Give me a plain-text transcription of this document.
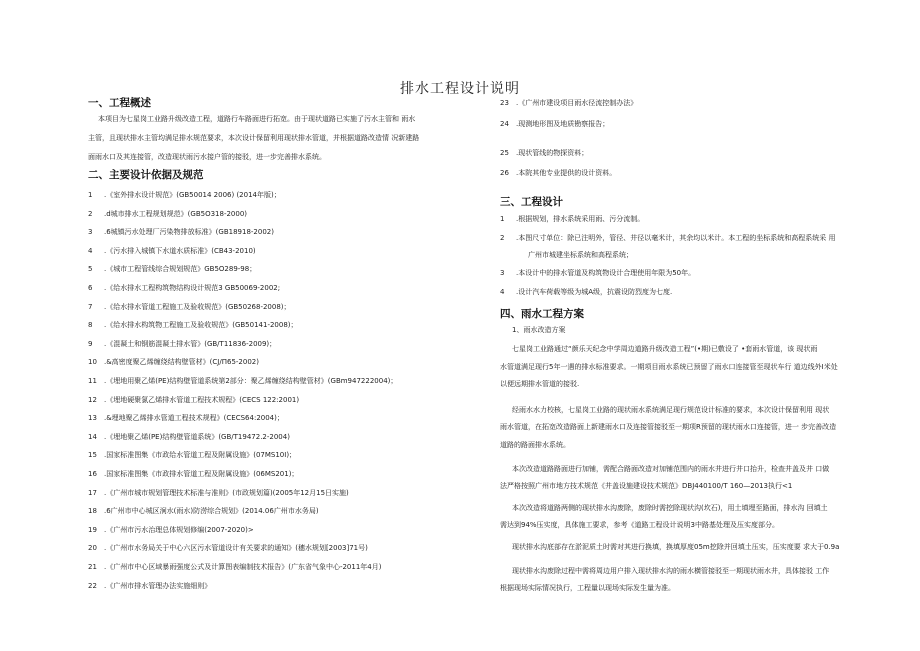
排水工程设计说明
一、工程概述
本项目为七星岗工业路升级改造工程，道路行车路面进行拓宽。由于现状道路已实施了污水主管和 雨水
主管，且现状排水主管均满足排水规范要求，本次设计保留利用现状排水管道，并根据道路改造情 况新建路
面雨水口及其连接管，改造现状雨污水接户管的接驳，进一步完善排水系统。
二、主要设计依据及规范
1 .《室外排水设计规范》(GB50014 2006) (2014年版)；
2 .d城市排水工程规划规范》(GB5O318-2000)
3 .6城镇污水处理厂污染物排放标准》(GB18918-2002)
4 .《污水排入城镇下水道水质标准》(CB43-2010)
5 .《城市工程管线综合规划规范》GB5O289-98；
6 .《给水排水工程构筑物结构设计规范3 GB50069-2002;
7 .《给水排水管道工程施工及验收规范》(GB50268-2008)；
8 .《给水排水构筑物工程施工及验收规范》(GB50141-2008)；
9 .《混凝土和钢筋混凝土排水管》(GB/T11836-2009)；
10 .&高密度聚乙烯缠绕结构壁管材》(CJ/Π65-2002)
11 .《埋地用聚乙烯(PE)结构壁管道系统第2部分：聚乙烯缠绕结构壁管材》(GBm947222004)；
12 .《埋地硬聚氯乙烯排水管道工程技术规程》(CECS 122:2001)
13 .&埋地聚乙烯排水管道工程技术规程》(CECS64:2004)；
14 .《埋地聚乙烯(PE)结构壁管道系统》(GB/T19472.2-2004)
15 .国家标准图集《市政给水管道工程及附属设施》(07MS10I)；
16 .国家标准图集《市政排水管道工程及附属设施》(06MS201)；
17 .《广州市城市规划管理技术标准与准则》(市政规划篇)(2005年12月15日实施)
18 .6广州市中心城区涧水(雨水)防涝综合规划》(2014.06广州市水务局)
19 .《广州市污水治理总体规划修编(2007-2020)>
20 .《广州市水务局关于中心六区污水管道设计有关要求的通知》(穗水规划[2003]71号)
21 .《广州市中心区域暴雨强度公式及计算图表编制技术报告》(广东省气象中心-2011年4月)
22 .《广州市排水管理办法实施细则》
23 .《广州市建设项目雨水径流控制办法》
24 .现测地形图及地质勘察报告；
25 .现状管线的物探资料；
26 .本院其他专业提供的设计资料。
三、工程设计
1 .根据规划，排水系统采用雨、污分流制。
2 .本图尺寸单位：除已注明外，管径、井径以毫米计，其余均以米计。本工程的坐标系统和高程系统采 用
广州市城建坐标系统和高程系统；
3 .本设计中的排水管道及构筑物设计合理使用年限为50年。
4 .设计汽车荷载等级为城A级，抗震设防烈度为七度.
四、雨水工程方案
1、雨水改造方案
七星岗工业路通过“颜乐天纪念中学周边道路升级改造工程”(•期)已敷设了 •套雨水管道，该 现状雨
水管道满足现行5年一遇的排水标准要求。一期项目雨水系统已预留了雨水口连接管至现状车行 道边线外I米处
以便远期排水管道的接驳.
经雨水水力校核，七星岗工业路的现状雨水系统满足现行规范设计标准的要求，本次设计保留利用 现状
雨水管道，在拓宽改造路面上新建雨水口及连接管接驳至一期项R预留的现状雨水口连接管，进一 步完善改造
道路的路面排水系统。
本次改造道路路面进行加铺，需配合路面改造对加铺范围内的雨水井进行井口抬升，检查井盖及井 口做
法严格按照广州市地方技术规范《井盖设施建设技术规范》DBJ440100/T 160—2013执行<1
本次改造将道路两侧的现状排水沟废除，废除时需挖除现状沟(坎石)，用土填埋至路面，排水沟 回填土
需达到94%压实度，具体施工要求，参考《道路工程设计说明3中路基处理及压实度部分。
现状排水沟底部存在淤泥质土时需对其进行换填，换填厚度05m挖除并回填土压实，压实度要 求大于0.9a
现状排水沟废除过程中需将周边用户排入现状排水沟的雨水横管接驳至一期现状雨水井，具体接驳 工作
根据现场实际情况执行，工程量以现场实际发生量为准。
